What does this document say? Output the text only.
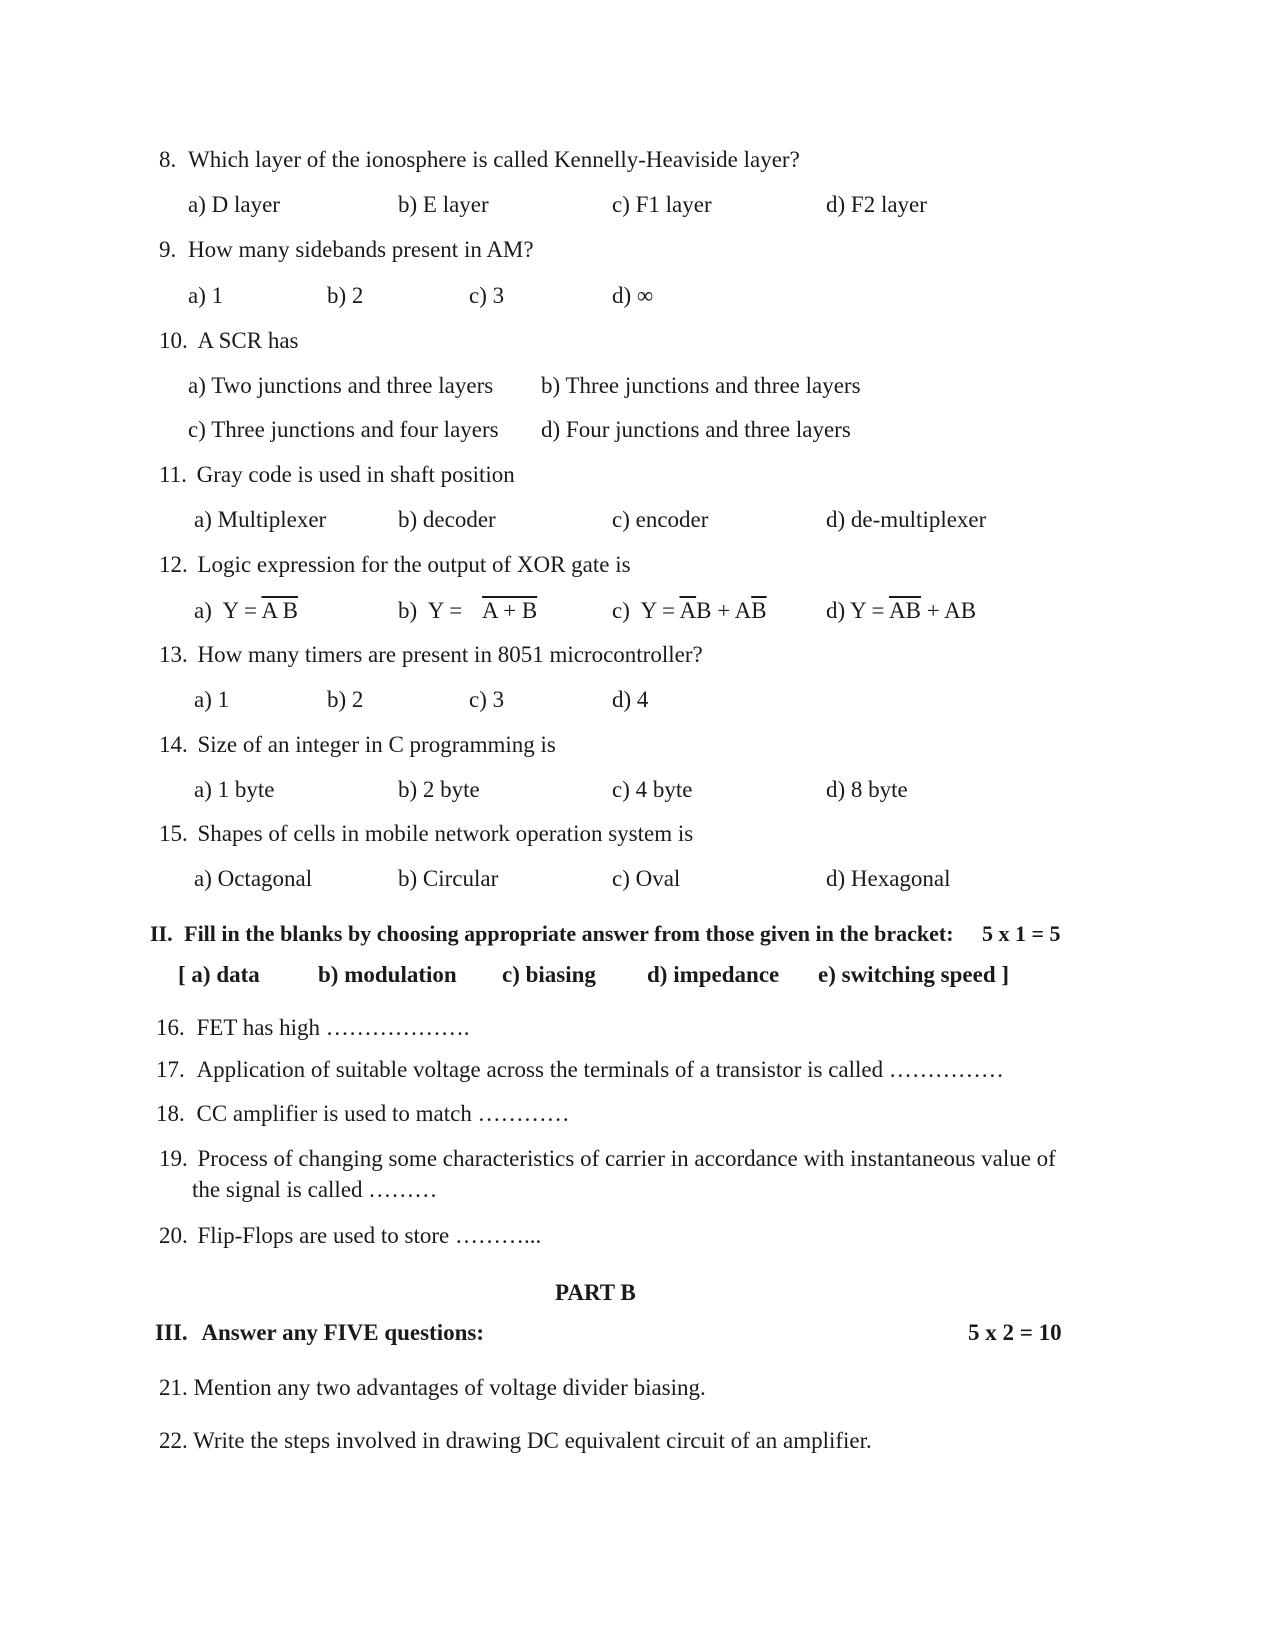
8. Which layer of the ionosphere is called Kennelly-Heaviside layer?
a) D layer	b) E layer	c) F1 layer	d) F2 layer
9. How many sidebands present in AM?
a) 1	b) 2	c) 3	d) ∞
10. A SCR has
a) Two junctions and three layers b) Three junctions and three layers
c) Three junctions and four layers d) Four junctions and three layers
11. Gray code is used in shaft position
a) Multiplexer	b) decoder	c) encoder	d) de-multiplexer
12. Logic expression for the output of XOR gate is
a)  Y = A B	b)  Y = A + B	c)  $Y = \overline{A}B + A\overline{B}$	d) $Y = \overline{AB}$ + AB
13. How many timers are present in 8051 microcontroller?
a) 1	b) 2	c) 3	d) 4
14. Size of an integer in C programming is
a) 1 byte	b) 2 byte	c) 4 byte	d) 8 byte
15. Shapes of cells in mobile network operation system is
a) Octagonal	b) Circular	c) Oval	d) Hexagonal
II. Fill in the blanks by choosing appropriate answer from those given in the bracket: 5 x 1 = 5
[ a) data	b) modulation c) biasing d) impedance e) switching speed ]
16. FET has high ……………….
17. Application of suitable voltage across the terminals of a transistor is called ……………
18. CC amplifier is used to match …………
19. Process of changing some characteristics of carrier in accordance with instantaneous value of
the signal is called ………
20. Flip-Flops are used to store ………...
PART B
III. Answer any FIVE questions:	5 x 2 = 10
21. Mention any two advantages of voltage divider biasing.
22. Write the steps involved in drawing DC equivalent circuit of an amplifier.
